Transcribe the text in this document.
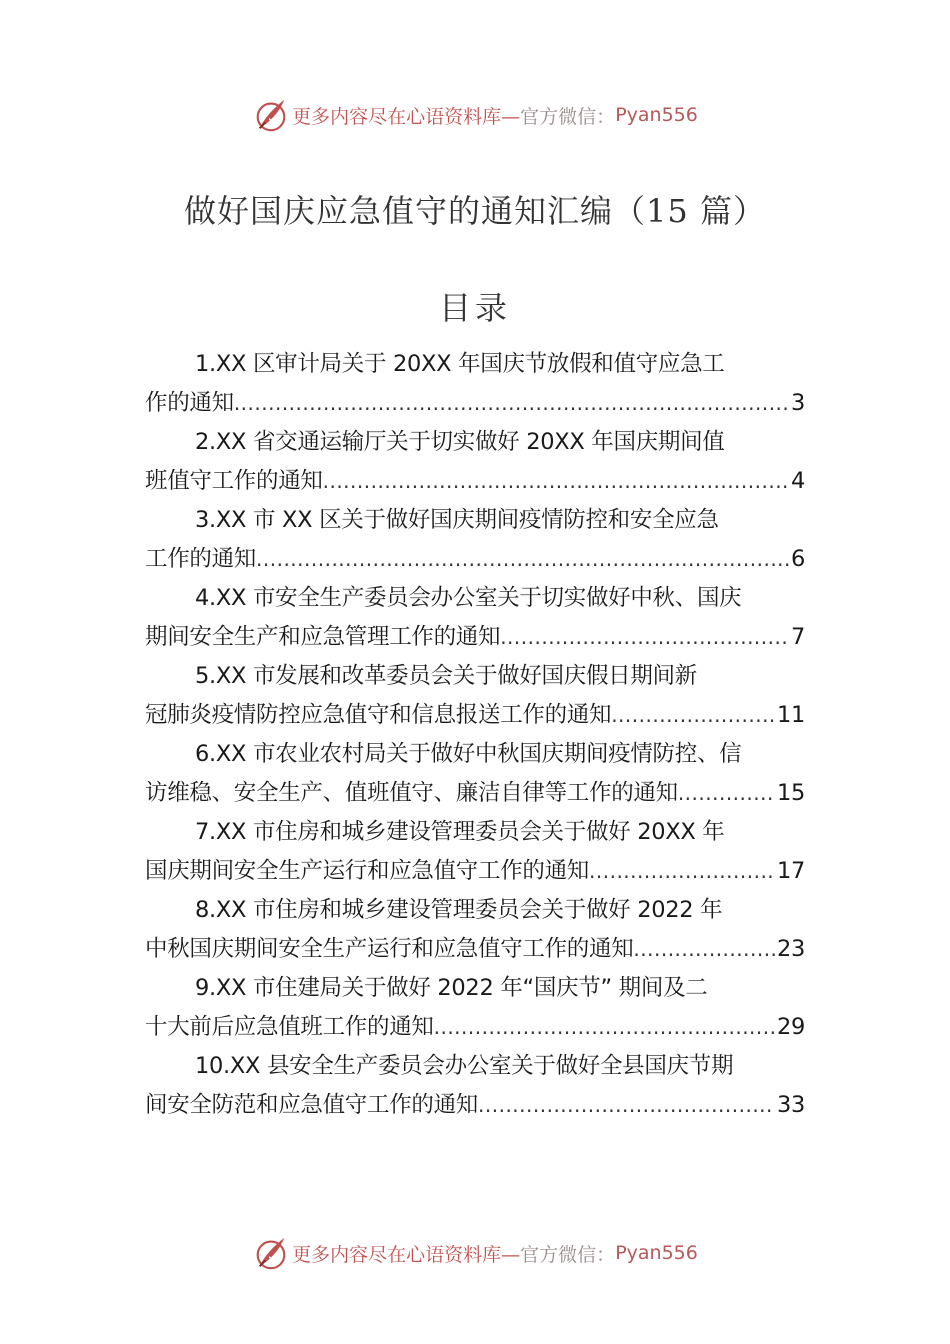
更多内容尽在心语资料库— 官方微信： Pyan556
做好国庆应急值守的通知汇编（15 篇）
目录
1.XX 区审计局关于 20XX 年国庆节放假和值守应急工
作的通知 .....	3
2.XX 省交通运输厅关于切实做好 20XX 年国庆期间值
班值守工作的通知 .....	4
3.XX 市 XX 区关于做好国庆期间疫情防控和安全应急
工作的通知 .....	6
4.XX 市安全生产委员会办公室关于切实做好中秋、国庆
期间安全生产和应急管理工作的通知 .....	7
5.XX 市发展和改革委员会关于做好国庆假日期间新
冠肺炎疫情防控应急值守和信息报送工作的通知 .....	11
6.XX 市农业农村局关于做好中秋国庆期间疫情防控、信
访维稳、安全生产、值班值守、廉洁自律等工作的通知 .....	15
7.XX 市住房和城乡建设管理委员会关于做好 20XX 年
国庆期间安全生产运行和应急值守工作的通知 .....	17
8.XX 市住房和城乡建设管理委员会关于做好 2022 年
中秋国庆期间安全生产运行和应急值守工作的通知 .....	23
9.XX 市住建局关于做好 2022 年“国庆节” 期间及二
十大前后应急值班工作的通知 .....	29
10.XX 县安全生产委员会办公室关于做好全县国庆节期
间安全防范和应急值守工作的通知 .....	33
更多内容尽在心语资料库— 官方微信： Pyan556
